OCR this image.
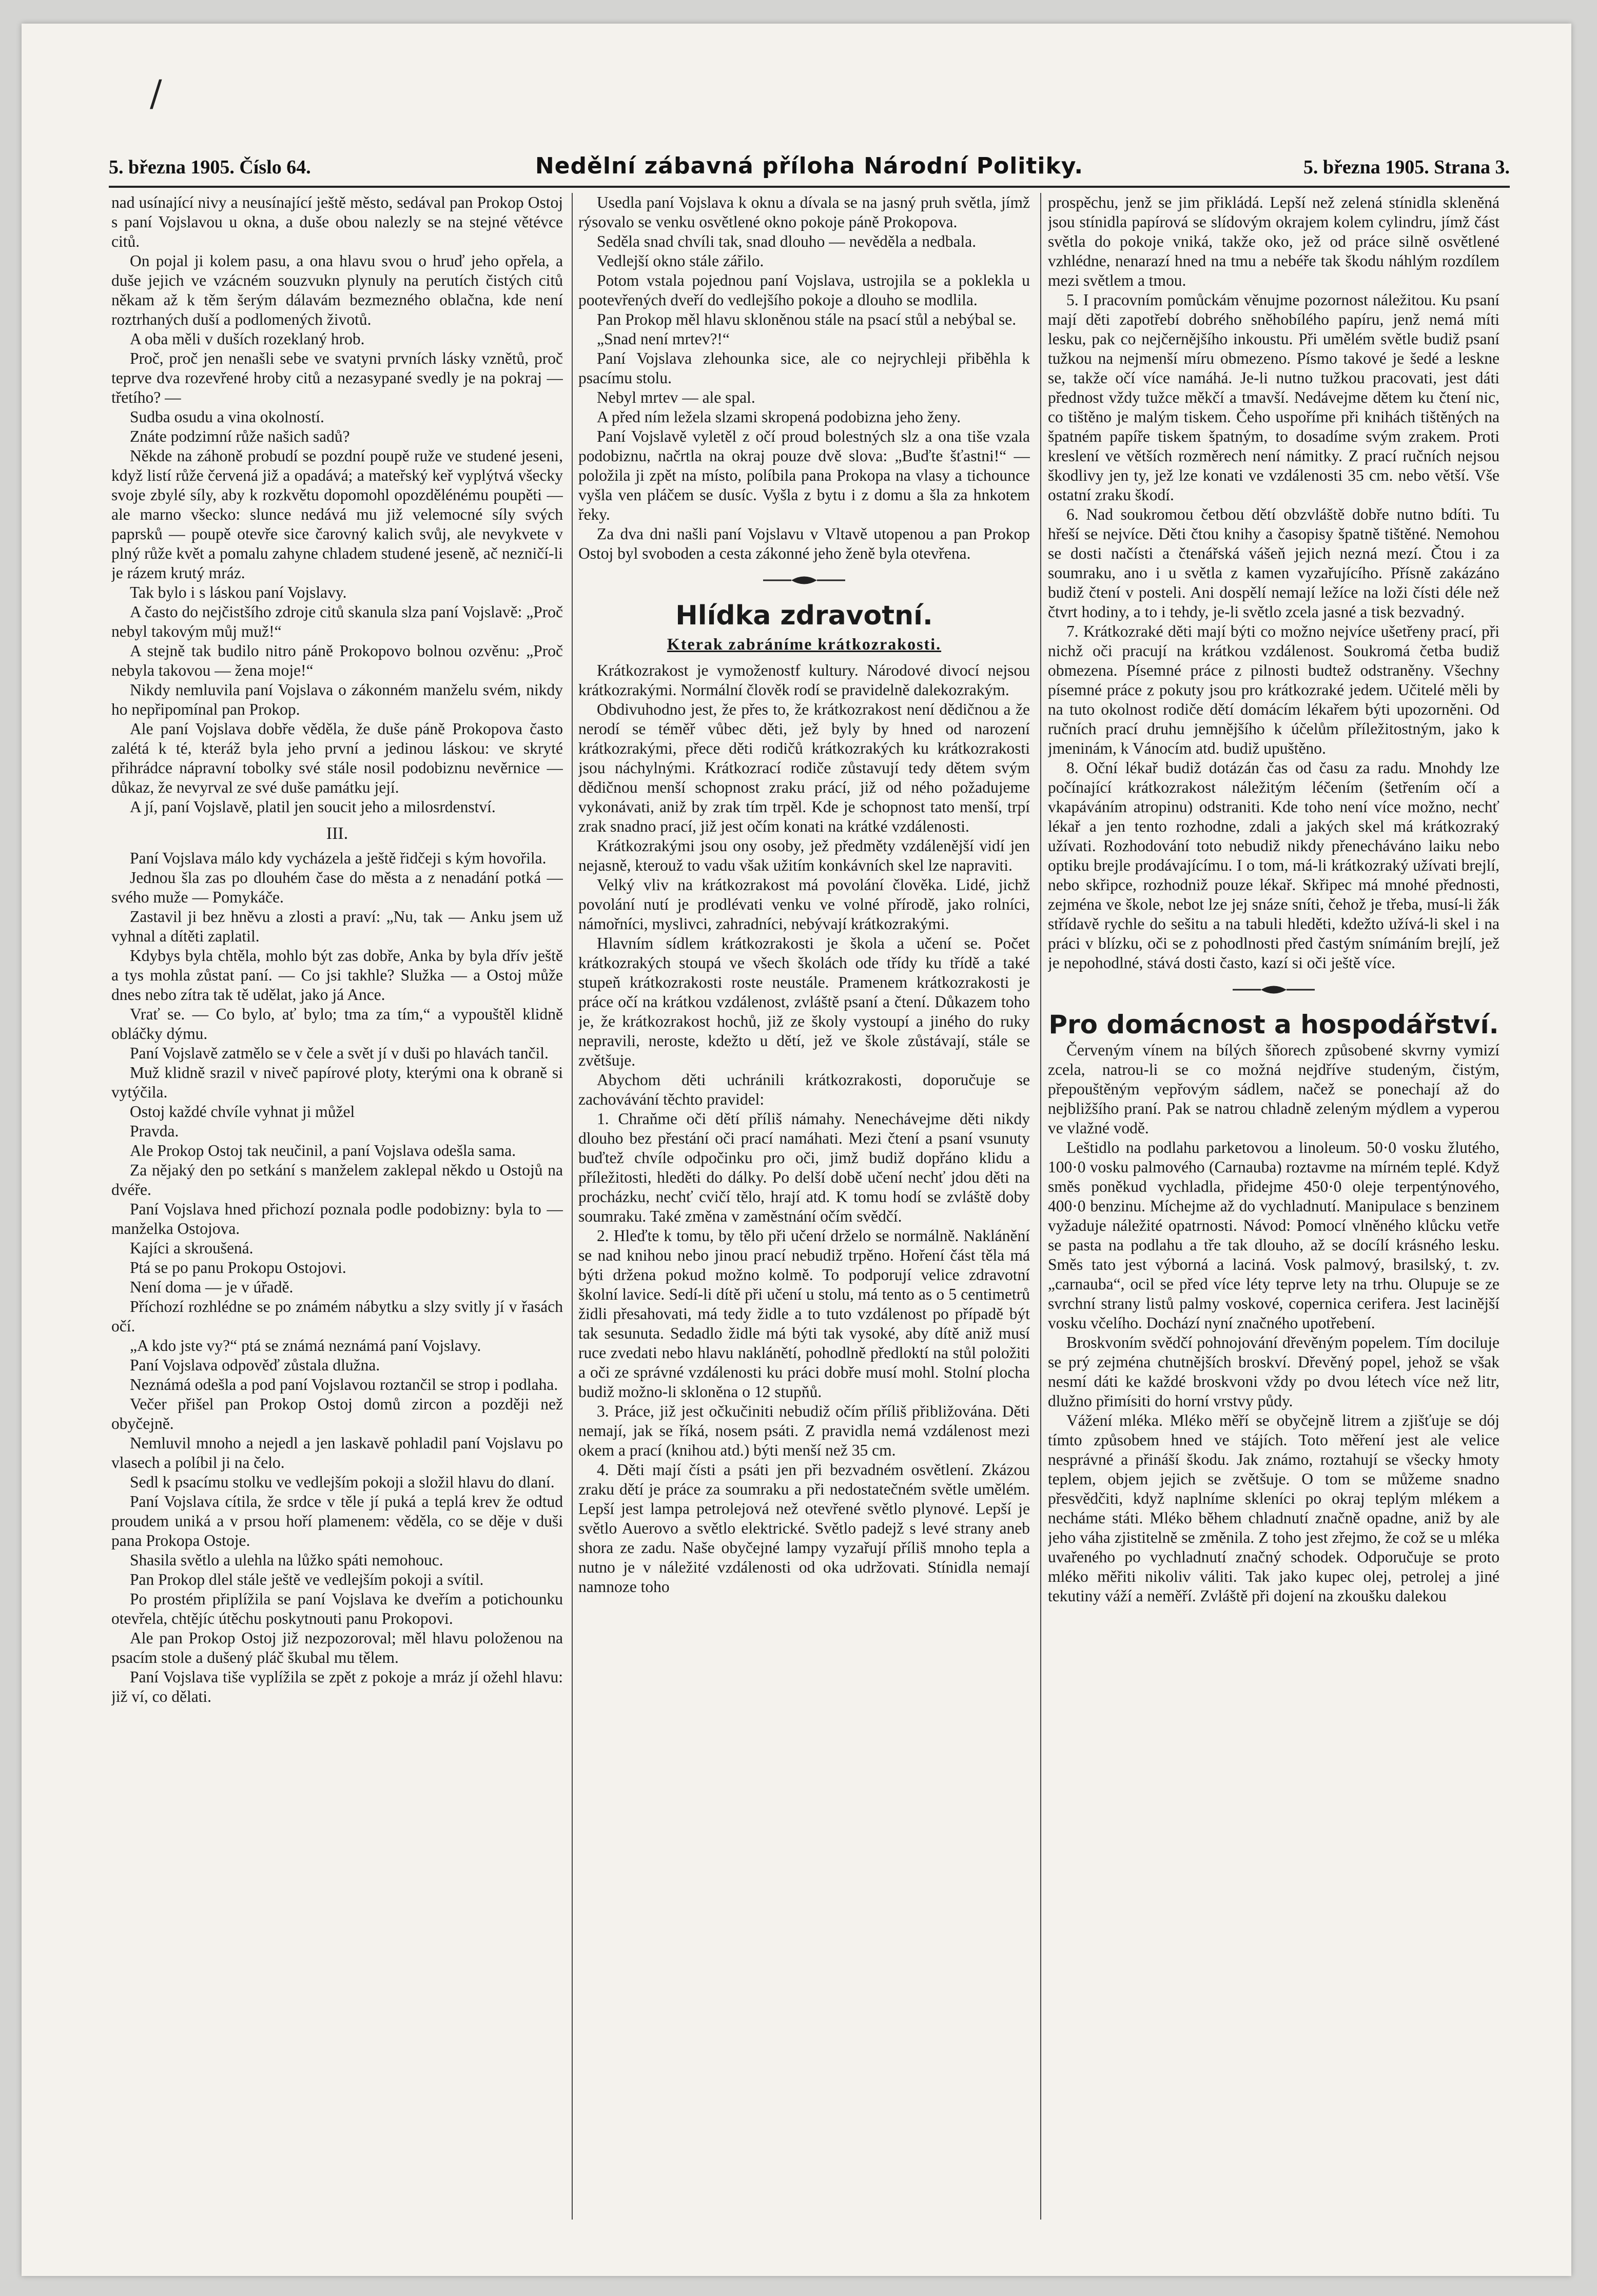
/
5. března 1905. Číslo 64.	Nedělní zábavná příloha Národní Politiky.	5. března 1905. Strana 3.

nad usínající nivy a neusínající ještě město, sedával pan Prokop Ostoj s paní Vojslavou u okna, a duše obou nalezly se na stejné větévce citů.

On pojal ji kolem pasu, a ona hlavu svou o hruď jeho opřela, a duše jejich ve vzácném souzvukn plynuly na perutích čistých citů někam až k těm šerým dálavám bezmezného oblačna, kde není roztrhaných duší a podlomených životů.

A oba měli v duších rozeklaný hrob.

Proč, proč jen nenašli sebe ve svatyni prvních lásky vznětů, proč teprve dva rozevřené hroby citů a nezasypané svedly je na pokraj — třetího? —

Sudba osudu a vina okolností.

Znáte podzimní růže našich sadů?

Někde na záhoně probudí se pozdní poupě ruže ve studené jeseni, když listí růže červená již a opadává; a mateřský keř vyplýtvá všecky svoje zbylé síly, aby k rozkvětu dopomohl opozdělénému poupěti — ale marno všecko: slunce nedává mu již velemocné síly svých paprsků — poupě otevře sice čarovný kalich svůj, ale nevykvete v plný růže květ a pomalu zahyne chladem studené jeseně, ač nezničí-li je rázem krutý mráz.

Tak bylo i s láskou paní Vojslavy.

A často do nejčistšího zdroje citů skanula slza paní Vojslavě: „Proč nebyl takovým můj muž!“

A stejně tak budilo nitro páně Prokopovo bolnou ozvěnu: „Proč nebyla takovou — žena moje!“

Nikdy nemluvila paní Vojslava o zákonném manželu svém, nikdy ho nepřipomínal pan Prokop.

Ale paní Vojslava dobře věděla, že duše páně Prokopova často zalétá k té, kteráž byla jeho první a jedinou láskou: ve skryté přihrádce nápravní tobolky své stále nosil podobiznu nevěrnice — důkaz, že nevyrval ze své duše památku její.

A jí, paní Vojslavě, platil jen soucit jeho a milosrdenství.

III.

Paní Vojslava málo kdy vycházela a ještě řidčeji s kým hovořila.

Jednou šla zas po dlouhém čase do města a z nenadání potká — svého muže — Pomykáče.

Zastavil ji bez hněvu a zlosti a praví: „Nu, tak — Anku jsem už vyhnal a dítěti zaplatil.

Kdybys byla chtěla, mohlo být zas dobře, Anka by byla dřív ještě a tys mohla zůstat paní. — Co jsi takhle? Služka — a Ostoj může dnes nebo zítra tak tě udělat, jako já Ance.

Vrať se. — Co bylo, ať bylo; tma za tím,“ a vypouštěl klidně obláčky dýmu.

Paní Vojslavě zatmělo se v čele a svět jí v duši po hlavách tančil.

Muž klidně srazil v niveč papírové ploty, kterými ona k obraně si vytýčila.

Ostoj každé chvíle vyhnat ji můžel

Pravda.

Ale Prokop Ostoj tak neučinil, a paní Vojslava odešla sama.

Za nějaký den po setkání s manželem zaklepal někdo u Ostojů na dvéře.

Paní Vojslava hned přichozí poznala podle podobizny: byla to — manželka Ostojova.

Kajíci a skroušená.

Ptá se po panu Prokopu Ostojovi.

Není doma — je v úřadě.

Příchozí rozhlédne se po známém nábytku a slzy svitly jí v řasách očí.

„A kdo jste vy?“ ptá se známá neznámá paní Vojslavy.

Paní Vojslava odpověď zůstala dlužna.

Neznámá odešla a pod paní Vojslavou roztančil se strop i podlaha.

Večer přišel pan Prokop Ostoj domů zircon a později než obyčejně.

Nemluvil mnoho a nejedl a jen laskavě pohladil paní Vojslavu po vlasech a políbil ji na čelo.

Sedl k psacímu stolku ve vedlejším pokoji a složil hlavu do dlaní.

Paní Vojslava cítila, že srdce v těle jí puká a teplá krev že odtud proudem uniká a v prsou hoří plamenem: věděla, co se děje v duši pana Prokopa Ostoje.

Shasila světlo a ulehla na lůžko spáti nemohouc.

Pan Prokop dlel stále ještě ve vedlejším pokoji a svítil.

Po prostém připlížila se paní Vojslava ke dveřím a potichounku otevřela, chtějíc útěchu poskytnouti panu Prokopovi.

Ale pan Prokop Ostoj již nezpozoroval; měl hlavu položenou na psacím stole a dušený pláč škubal mu tělem.

Paní Vojslava tiše vyplížila se zpět z pokoje a mráz jí ožehl hlavu: již ví, co dělati.

Usedla paní Vojslava k oknu a dívala se na jasný pruh světla, jímž rýsovalo se venku osvětlené okno pokoje páně Prokopova.

Seděla snad chvíli tak, snad dlouho — nevěděla a nedbala.

Vedlejší okno stále zářilo.

Potom vstala pojednou paní Vojslava, ustrojila se a poklekla u pootevřených dveří do vedlejšího pokoje a dlouho se modlila.

Pan Prokop měl hlavu skloněnou stále na psací stůl a nebýbal se.

„Snad není mrtev?!“

Paní Vojslava zlehounka sice, ale co nejrychleji přiběhla k psacímu stolu.

Nebyl mrtev — ale spal.

A před ním ležela slzami skropená podobizna jeho ženy.

Paní Vojslavě vyletěl z očí proud bolestných slz a ona tiše vzala podobiznu, načrtla na okraj pouze dvě slova: „Buďte šťastni!“ — položila ji zpět na místo, políbila pana Prokopa na vlasy a tichounce vyšla ven pláčem se dusíc. Vyšla z bytu i z domu a šla za hnkotem řeky.

Za dva dni našli paní Vojslavu v Vltavě utopenou a pan Prokop Ostoj byl svoboden a cesta zákonné jeho ženě byla otevřena.

Hlídka zdravotní.
Kterak zabráníme krátkozrakosti.

Krátkozrakost je vymoženostf kultury. Národové divocí nejsou krátkozrakými. Normální člověk rodí se pravidelně dalekozrakým.

Obdivuhodno jest, že přes to, že krátkozrakost není dědičnou a že nerodí se téměř vůbec děti, jež byly by hned od narození krátkozrakými, přece děti rodičů krátkozrakých ku krátkozrakosti jsou náchylnými. Krátkozrací rodiče zůstavují tedy dětem svým dědičnou menší schopnost zraku prácí, již od ného požadujeme vykonávati, aniž by zrak tím trpěl. Kde je schopnost tato menší, trpí zrak snadno prací, již jest očím konati na krátké vzdálenosti.

Krátkozrakými jsou ony osoby, jež předměty vzdálenější vidí jen nejasně, kterouž to vadu však užitím konkávních skel lze napraviti.

Velký vliv na krátkozrakost má povolání člověka. Lidé, jichž povolání nutí je prodlévati venku ve volné přírodě, jako rolníci, námořníci, myslivci, zahradníci, nebývají krátkozrakými.

Hlavním sídlem krátkozrakosti je škola a učení se. Počet krátkozrakých stoupá ve všech školách ode třídy ku třídě a také stupeň krátkozrakosti roste neustále. Pramenem krátkozrakosti je práce očí na krátkou vzdálenost, zvláště psaní a čtení. Důkazem toho je, že krátkozrakost hochů, již ze školy vystoupí a jiného do ruky nepravili, neroste, kdežto u dětí, jež ve škole zůstávají, stále se zvětšuje.

Abychom děti uchránili krátkozrakosti, doporučuje se zachovávání těchto pravidel:

1. Chraňme oči dětí příliš námahy. Nenechávejme děti nikdy dlouho bez přestání oči prací namáhati. Mezi čtení a psaní vsunuty buďtež chvíle odpočinku pro oči, jimž budiž dopřáno klidu a příležitosti, hleděti do dálky. Po delší době učení nechť jdou děti na procházku, nechť cvičí tělo, hrají atd. K tomu hodí se zvláště doby soumraku. Také změna v zaměstnání očím svědčí.

2. Hleďte k tomu, by tělo při učení drželo se normálně. Naklánění se nad knihou nebo jinou prací nebudiž trpěno. Hoření část těla má býti držena pokud možno kolmě. To podporují velice zdravotní školní lavice. Sedí-li dítě při učení u stolu, má tento as o 5 centimetrů židli přesahovati, má tedy židle a to tuto vzdálenost po případě být tak sesunuta. Sedadlo židle má býti tak vysoké, aby dítě aniž musí ruce zvedati nebo hlavu naklánětí, pohodlně předloktí na stůl položiti a oči ze správné vzdálenosti ku práci dobře musí mohl. Stolní plocha budiž možno-li skloněna o 12 stupňů.

3. Práce, již jest očkučiniti nebudiž očím příliš přibližována. Děti nemají, jak se říká, nosem psáti. Z pravidla nemá vzdálenost mezi okem a prací (knihou atd.) býti menší než 35 cm.

4. Děti mají čísti a psáti jen při bezvadném osvětlení. Zkázou zraku dětí je práce za soumraku a při nedostatečném světle umělém. Lepší jest lampa petrolejová než otevřené světlo plynové. Lepší je světlo Auerovo a světlo elektrické. Světlo padejž s levé strany aneb shora ze zadu. Naše obyčejné lampy vyzařují příliš mnoho tepla a nutno je v náležité vzdálenosti od oka udržovati. Stínidla nemají namnoze toho

prospěchu, jenž se jim přikládá. Lepší než zelená stínidla skleněná jsou stínidla papírová se slídovým okrajem kolem cylindru, jímž část světla do pokoje vniká, takže oko, jež od práce silně osvětlené vzhlédne, nenarazí hned na tmu a nebéře tak škodu náhlým rozdílem mezi světlem a tmou.

5. I pracovním pomůckám věnujme pozornost náležitou. Ku psaní mají děti zapotřebí dobrého sněhobílého papíru, jenž nemá míti lesku, pak co nejčernějšího inkoustu. Při umělém světle budiž psaní tužkou na nejmenší míru obmezeno. Písmo takové je šedé a leskne se, takže očí více namáhá. Je-li nutno tužkou pracovati, jest dáti přednost vždy tužce měkčí a tmavší. Nedávejme dětem ku čtení nic, co tištěno je malým tiskem. Čeho uspoříme při knihách tištěných na špatném papíře tiskem špatným, to dosadíme svým zrakem. Proti kreslení ve větších rozměrech není námitky. Z prací ručních nejsou škodlivy jen ty, jež lze konati ve vzdálenosti 35 cm. nebo větší. Vše ostatní zraku škodí.

6. Nad soukromou četbou dětí obzvláště dobře nutno bdíti. Tu hřeší se nejvíce. Děti čtou knihy a časopisy špatně tištěné. Nemohou se dosti načísti a čtenářská vášeň jejich nezná mezí. Čtou i za soumraku, ano i u světla z kamen vyzařujícího. Přísně zakázáno budiž čtení v posteli. Ani dospělí nemají ležíce na loži čísti déle než čtvrt hodiny, a to i tehdy, je-li světlo zcela jasné a tisk bezvadný.

7. Krátkozraké děti mají býti co možno nejvíce ušetřeny prací, při nichž oči pracují na krátkou vzdálenost. Soukromá četba budiž obmezena. Písemné práce z pilnosti budtež odstraněny. Všechny písemné práce z pokuty jsou pro krátkozraké jedem. Učitelé měli by na tuto okolnost rodiče dětí domácím lékařem býti upozorněni. Od ručních prací druhu jemnějšího k účelům příležitostným, jako k jmeninám, k Vánocím atd. budiž upuštěno.

8. Oční lékař budiž dotázán čas od času za radu. Mnohdy lze počínající krátkozrakost náležitým léčením (šetřením očí a vkapáváním atropinu) odstraniti. Kde toho není více možno, nechť lékař a jen tento rozhodne, zdali a jakých skel má krátkozraký užívati. Rozhodování toto nebudiž nikdy přenecháváno laiku nebo optiku brejle prodávajícímu. I o tom, má-li krátkozraký užívati brejlí, nebo skřipce, rozhodniž pouze lékař. Skřipec má mnohé přednosti, zejména ve škole, nebot lze jej snáze sníti, čehož je třeba, musí-li žák střídavě rychle do sešitu a na tabuli hleděti, kdežto užívá-li skel i na práci v blízku, oči se z pohodlnosti před častým snímáním brejlí, jež je nepohodlné, stává dosti často, kazí si oči ještě více.

Pro domácnost a hospodářství.

Červeným vínem na bílých šňorech způsobené skvrny vymizí zcela, natrou-li se co možná nejdříve studeným, čistým, přepouštěným vepřovým sádlem, načež se ponechají až do nejbližšího praní. Pak se natrou chladně zeleným mýdlem a vyperou ve vlažné vodě.

Leštidlo na podlahu parketovou a linoleum. 50·0 vosku žlutého, 100·0 vosku palmového (Carnauba) roztavme na mírném teplé. Když směs poněkud vychladla, přidejme 450·0 oleje terpentýnového, 400·0 benzinu. Míchejme až do vychladnutí. Manipulace s benzinem vyžaduje náležité opatrnosti. Návod: Pomocí vlněného klůcku vetře se pasta na podlahu a tře tak dlouho, až se docílí krásného lesku. Směs tato jest výborná a laciná. Vosk palmový, brasilský, t. zv. „carnauba“, ocil se před více léty teprve lety na trhu. Olupuje se ze svrchní strany listů palmy voskové, copernica cerifera. Jest lacinější vosku včelího. Dochází nyní značného upotřebení.

Broskvoním svědčí pohnojování dřevěným popelem. Tím dociluje se prý zejména chutnějších broskví. Dřevěný popel, jehož se však nesmí dáti ke každé broskvoni vždy po dvou létech více než litr, dlužno přimísiti do horní vrstvy půdy.

Vážení mléka. Mléko měří se obyčejně litrem a zjišťuje se dój tímto způsobem hned ve stájích. Toto měření jest ale velice nesprávné a přináší škodu. Jak známo, roztahují se všecky hmoty teplem, objem jejich se zvětšuje. O tom se můžeme snadno přesvědčiti, když naplníme skleníci po okraj teplým mlékem a necháme státi. Mléko během chladnutí značně opadne, aniž by ale jeho váha zjistitelně se změnila. Z toho jest zřejmo, že což se u mléka uvařeného po vychladnutí značný schodek. Odporučuje se proto mléko měřiti nikoliv váliti. Tak jako kupec olej, petrolej a jiné tekutiny váží a neměří. Zvláště při dojení na zkoušku dalekou
